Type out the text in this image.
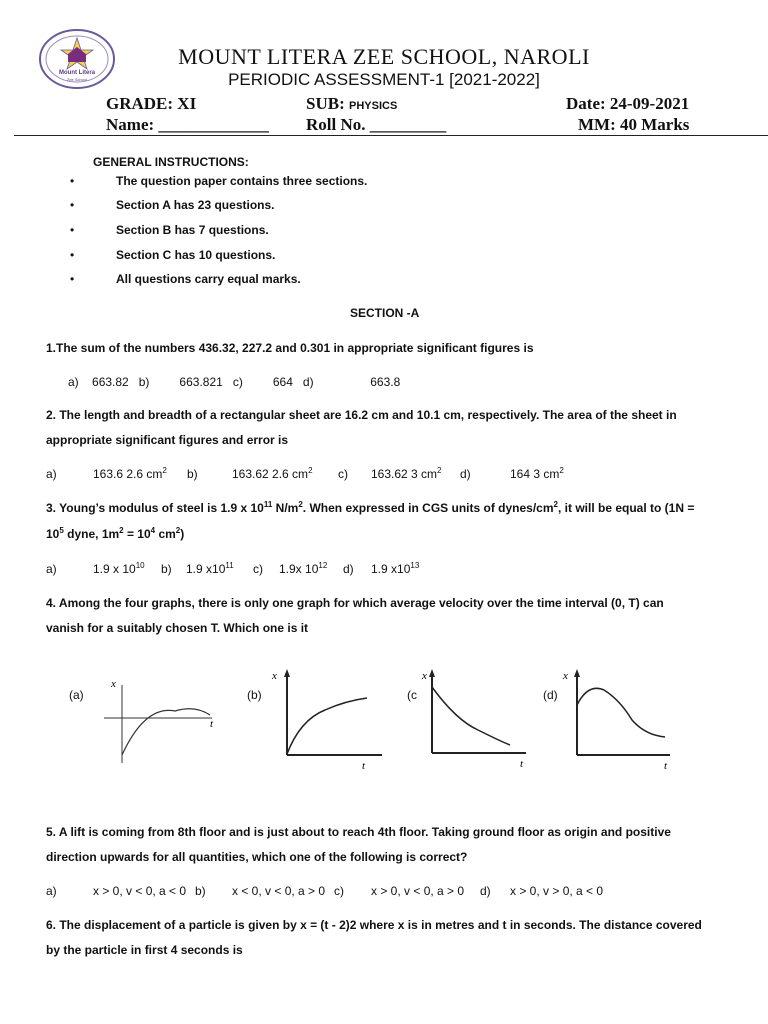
Mount Litera
Zee School
MOUNT LITERA ZEE SCHOOL, NAROLI
PERIODIC ASSESSMENT-1 [2021-2022]
GRADE: XI	SUB: PHYSICS	Date: 24-09-2021
Name: _____________ Roll No. _________	MM: 40 Marks
GENERAL INSTRUCTIONS:
•	The question paper contains three sections.
•	Section A has 23 questions.
•	Section B has 7 questions.
•	Section C has 10 questions.
•	All questions carry equal marks.
SECTION -A
1.The sum of the numbers 436.32, 227.2 and 0.301 in appropriate significant figures is
a) 663.82 b)	663.821 c)	664 d)	663.8
2. The length and breadth of a rectangular sheet are 16.2 cm and 10.1 cm, respectively. The area of the sheet in
appropriate significant figures and error is
a)	163.6 2.6 $cm^2$ b)	163.62 2.6 $cm^2$ c) 163.62 3 $cm^2$ d)	164 3 $cm^2$
3. Young’s modulus of steel is 1.9 x $10^{11}$ $N/m^2$. When expressed in CGS units of dynes/$cm^2$, it will be equal to (1N =
$10^5$ dyne, $1m^2 = 10^4$ $cm^2$)
a)	1.9 x $10^{10}$ b) 1.9 $x10^{11}$ c) 1.9x $10^{12}$ d) 1.9 $x10^{13}$
4. Among the four graphs, there is only one graph for which average velocity over the time interval (0, T) can
vanish for a suitably chosen T. Which one is it
(a)	(b)	(c	(d)
x
t
x
t
x
t
x
t
5. A lift is coming from 8th floor and is just about to reach 4th floor. Taking ground floor as origin and positive
direction upwards for all quantities, which one of the following is correct?
a)	x > 0, v < 0, a < 0 b) x < 0, v < 0, a > 0 c) x > 0, v < 0, a > 0 d) x > 0, v > 0, a < 0
6. The displacement of a particle is given by x = (t - 2)2 where x is in metres and t in seconds. The distance covered
by the particle in first 4 seconds is
